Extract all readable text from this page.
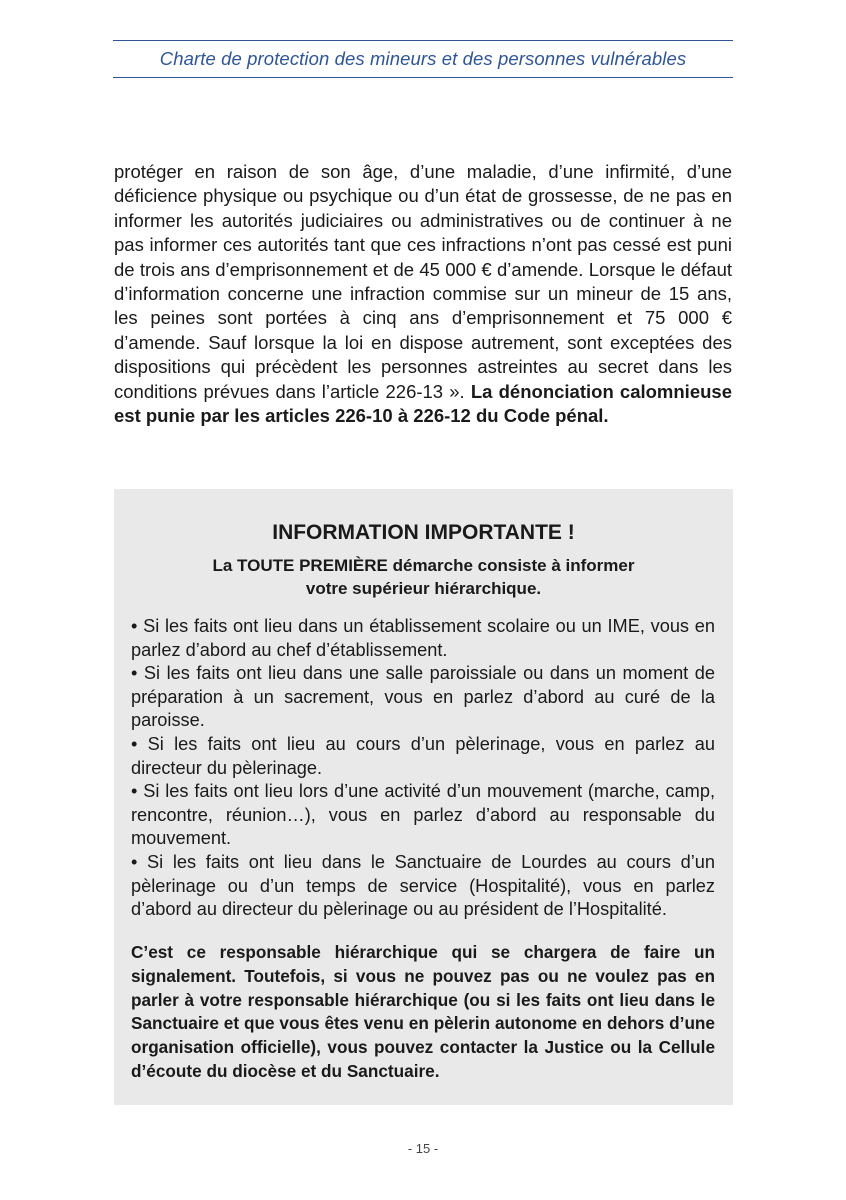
Charte de protection des mineurs et des personnes vulnérables
protéger en raison de son âge, d’une maladie, d’une infirmité, d’une déficience physique ou psychique ou d’un état de grossesse, de ne pas en informer les autorités judiciaires ou administratives ou de continuer à ne pas informer ces autorités tant que ces infractions n’ont pas cessé est puni de trois ans d’emprisonnement et de 45 000 € d’amende. Lorsque le défaut d’information concerne une infraction commise sur un mineur de 15 ans, les peines sont portées à cinq ans d’emprisonnement et 75 000 € d’amende. Sauf lorsque la loi en dispose autrement, sont exceptées des dispositions qui précèdent les personnes astreintes au secret dans les conditions prévues dans l’article 226-13 ». La dénonciation calomnieuse est punie par les articles 226-10 à 226-12 du Code pénal.
INFORMATION IMPORTANTE !
La TOUTE PREMIÈRE démarche consiste à informer
votre supérieur hiérarchique.
• Si les faits ont lieu dans un établissement scolaire ou un IME, vous en parlez d’abord au chef d’établissement.
• Si les faits ont lieu dans une salle paroissiale ou dans un moment de préparation à un sacrement, vous en parlez d’abord au curé de la paroisse.
• Si les faits ont lieu au cours d’un pèlerinage, vous en parlez au directeur du pèlerinage.
• Si les faits ont lieu lors d’une activité d’un mouvement (marche, camp, rencontre, réunion…), vous en parlez d’abord au responsable du mouvement.
• Si les faits ont lieu dans le Sanctuaire de Lourdes au cours d’un pèlerinage ou d’un temps de service (Hospitalité), vous en parlez d’abord au directeur du pèlerinage ou au président de l’Hospitalité.
C’est ce responsable hiérarchique qui se chargera de faire un signalement. Toutefois, si vous ne pouvez pas ou ne voulez pas en parler à votre responsable hiérarchique (ou si les faits ont lieu dans le Sanctuaire et que vous êtes venu en pèlerin autonome en dehors d’une organisation officielle), vous pouvez contacter la Justice ou la Cellule d’écoute du diocèse et du Sanctuaire.
- 15 -
